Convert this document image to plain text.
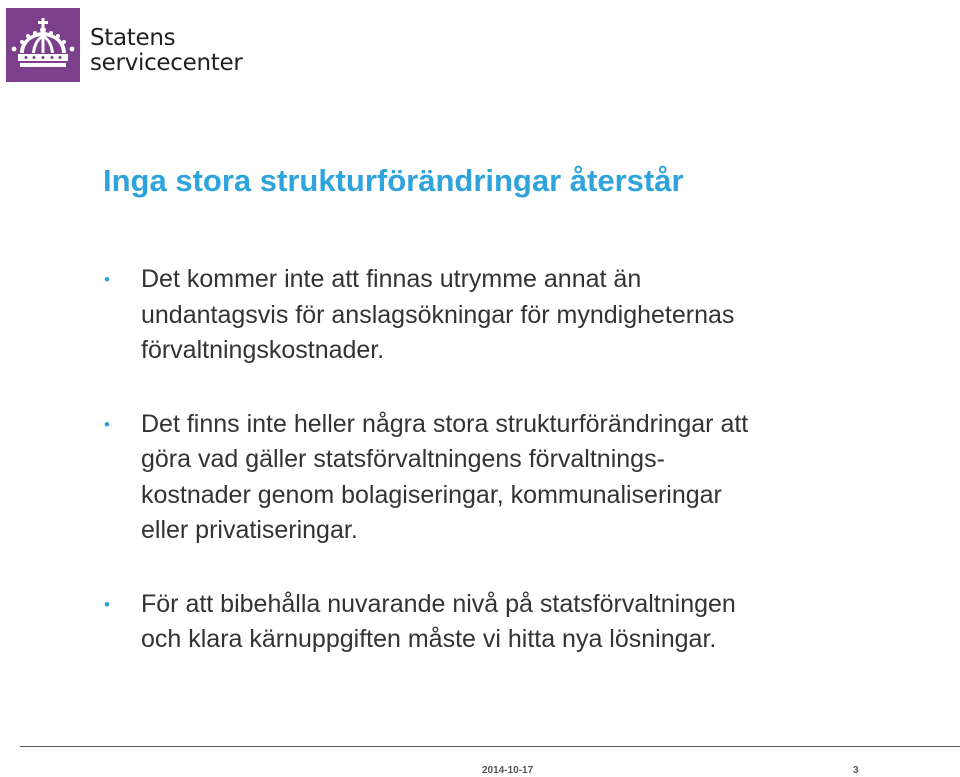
Statens
servicecenter
Inga stora strukturförändringar återstår
• Det kommer inte att finnas utrymme annat än
undantagsvis för anslagsökningar för myndigheternas
förvaltningskostnader.
• Det finns inte heller några stora strukturförändringar att
göra vad gäller statsförvaltningens förvaltnings-
kostnader genom bolagiseringar, kommunaliseringar
eller privatiseringar.
• För att bibehålla nuvarande nivå på statsförvaltningen
och klara kärnuppgiften måste vi hitta nya lösningar.
2014-10-17	3
